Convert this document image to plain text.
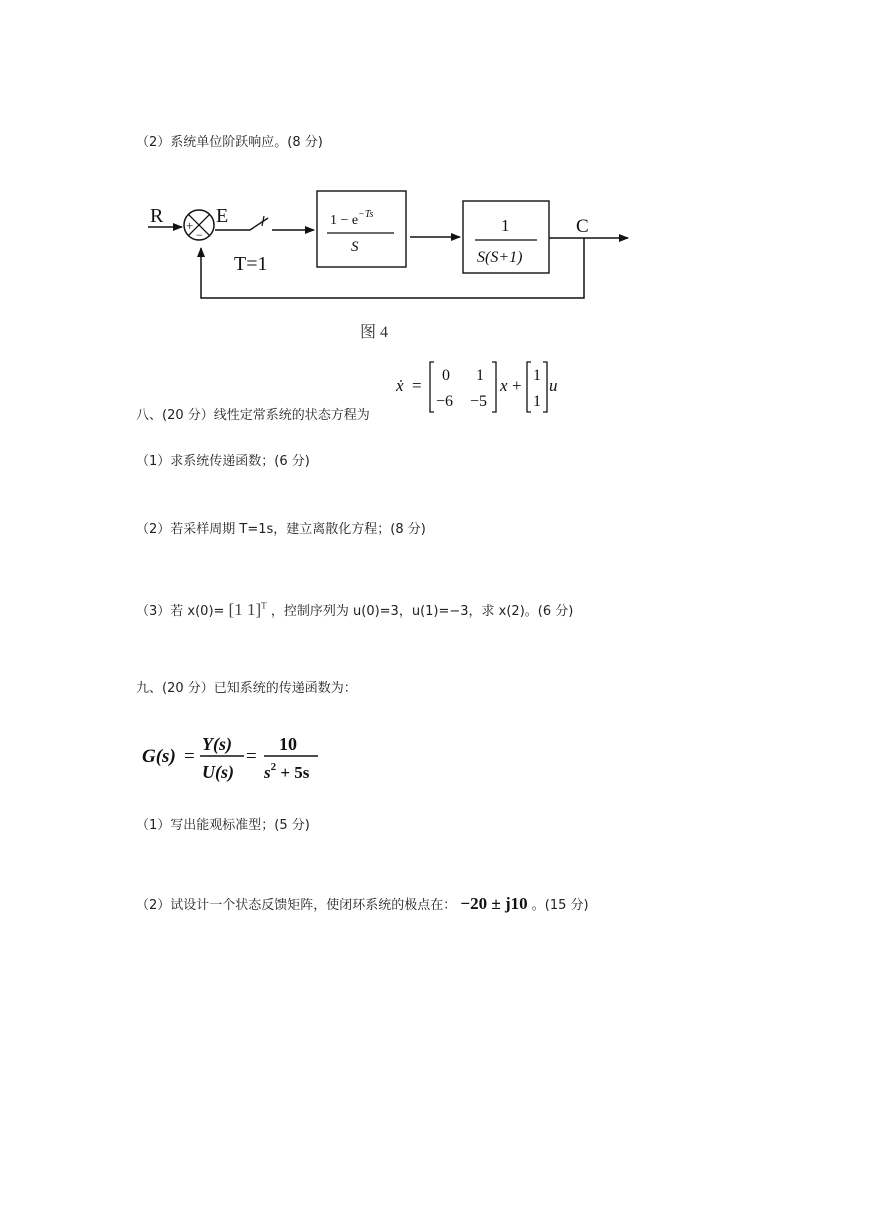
（2）系统单位阶跃响应。(8 分)
R +
−
E
T=1
$1 - e^{-Ts}$
S
1
S(S+1)
C
图 4
ẋ =
0 1
−6 −5
x +
1
1
u
八、(20 分）线性定常系统的状态方程为
（1）求系统传递函数；(6 分)
（2）若采样周期 T=1s，建立离散化方程；(8 分)
（3）若 x(0)= [1 1]$^T$ ，控制序列为 u(0)=3，u(1)=−3，求 x(2)。(6 分)
九、(20 分）已知系统的传递函数为：
G(s) =
Y(s)
U(s)
=
10
$s^2 + 5s$
（1）写出能观标准型；(5 分)
（2）试设计一个状态反馈矩阵，使闭环系统的极点在： −20 ± j10 。(15 分)
